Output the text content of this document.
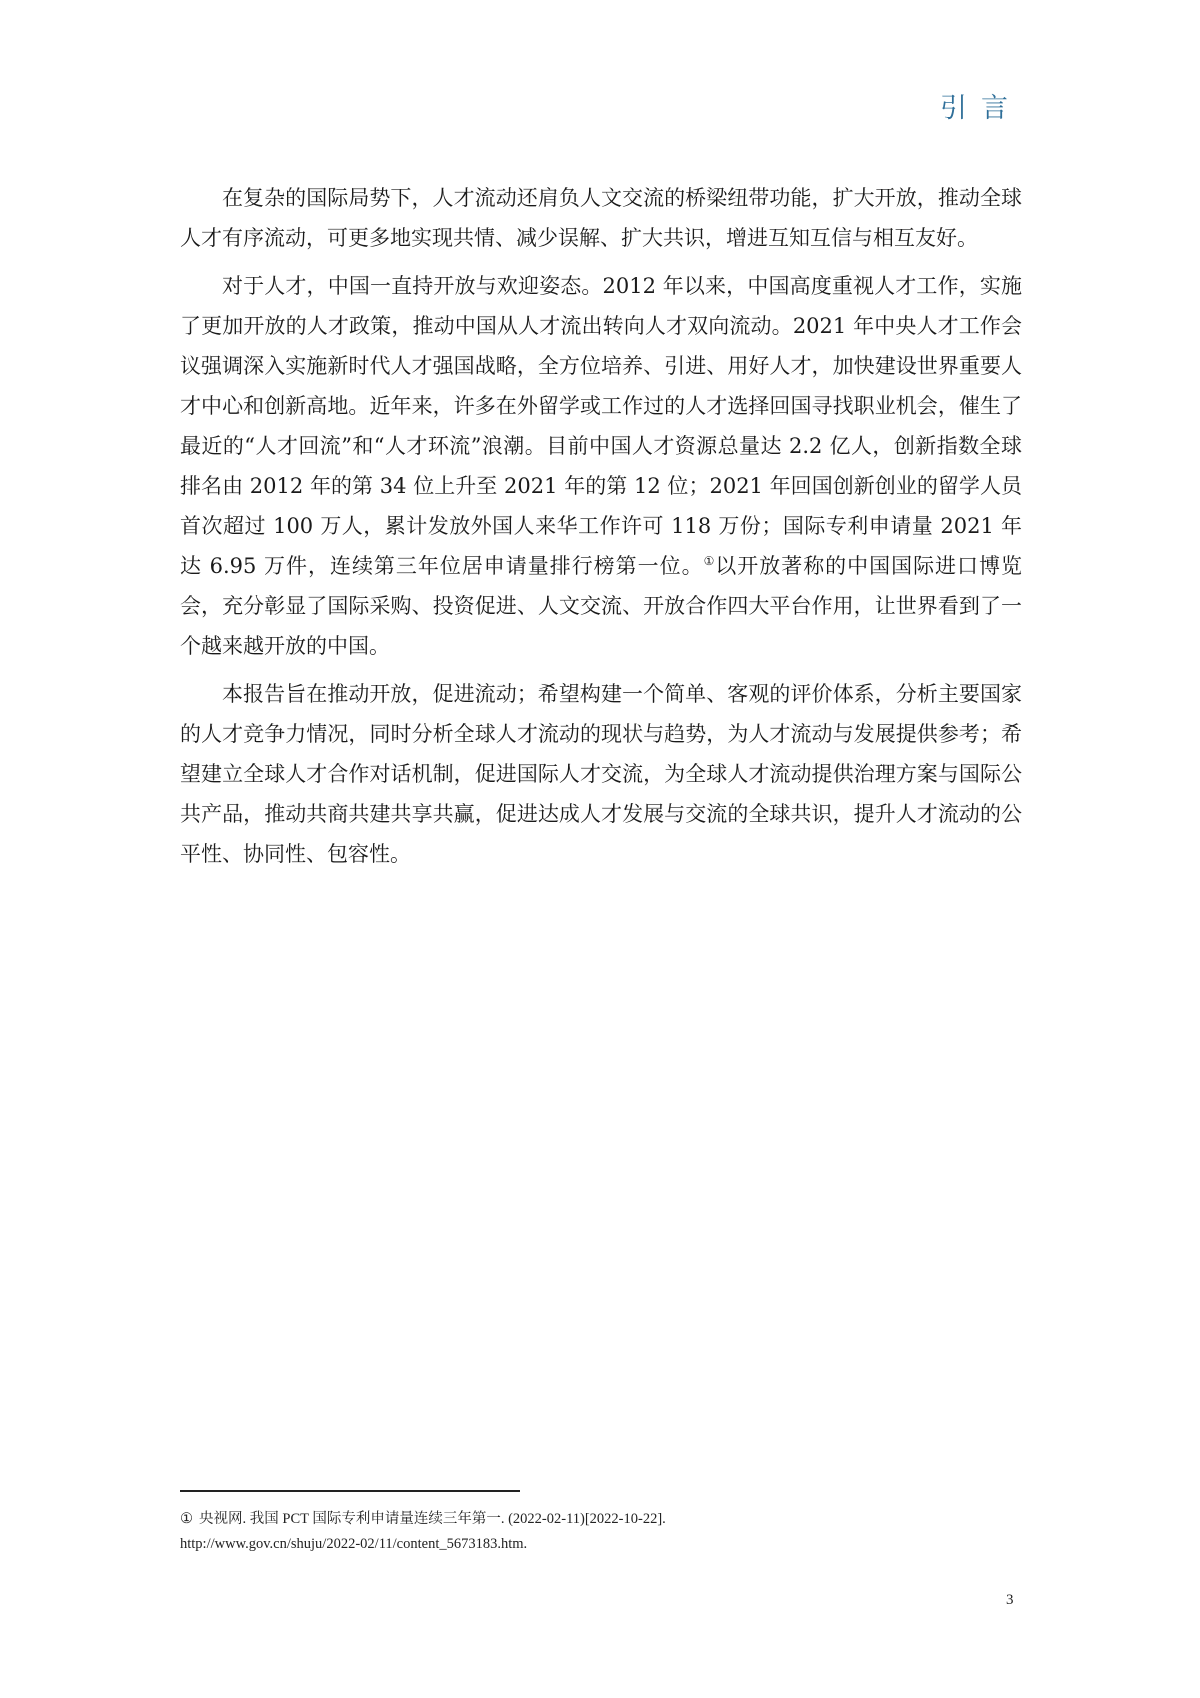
引言

在复杂的国际局势下，人才流动还肩负人文交流的桥梁纽带功能，扩大开放，推动全球人才有序流动，可更多地实现共情、减少误解、扩大共识，增进互知互信与相互友好。

对于人才，中国一直持开放与欢迎姿态。2012 年以来，中国高度重视人才工作，实施了更加开放的人才政策，推动中国从人才流出转向人才双向流动。2021 年中央人才工作会议强调深入实施新时代人才强国战略，全方位培养、引进、用好人才，加快建设世界重要人才中心和创新高地。近年来，许多在外留学或工作过的人才选择回国寻找职业机会，催生了最近的“人才回流”和“人才环流”浪潮。目前中国人才资源总量达 2.2 亿人，创新指数全球排名由 2012 年的第 34 位上升至 2021 年的第 12 位；2021 年回国创新创业的留学人员首次超过 100 万人，累计发放外国人来华工作许可 118 万份；国际专利申请量 2021 年达 6.95 万件，连续第三年位居申请量排行榜第一位。①以开放著称的中国国际进口博览会，充分彰显了国际采购、投资促进、人文交流、开放合作四大平台作用，让世界看到了一个越来越开放的中国。

本报告旨在推动开放，促进流动；希望构建一个简单、客观的评价体系，分析主要国家的人才竞争力情况，同时分析全球人才流动的现状与趋势，为人才流动与发展提供参考；希望建立全球人才合作对话机制，促进国际人才交流，为全球人才流动提供治理方案与国际公共产品，推动共商共建共享共赢，促进达成人才发展与交流的全球共识，提升人才流动的公平性、协同性、包容性。

① 央视网. 我国 PCT 国际专利申请量连续三年第一. (2022-02-11)[2022-10-22].
http://www.gov.cn/shuju/2022-02/11/content_5673183.htm.
3
